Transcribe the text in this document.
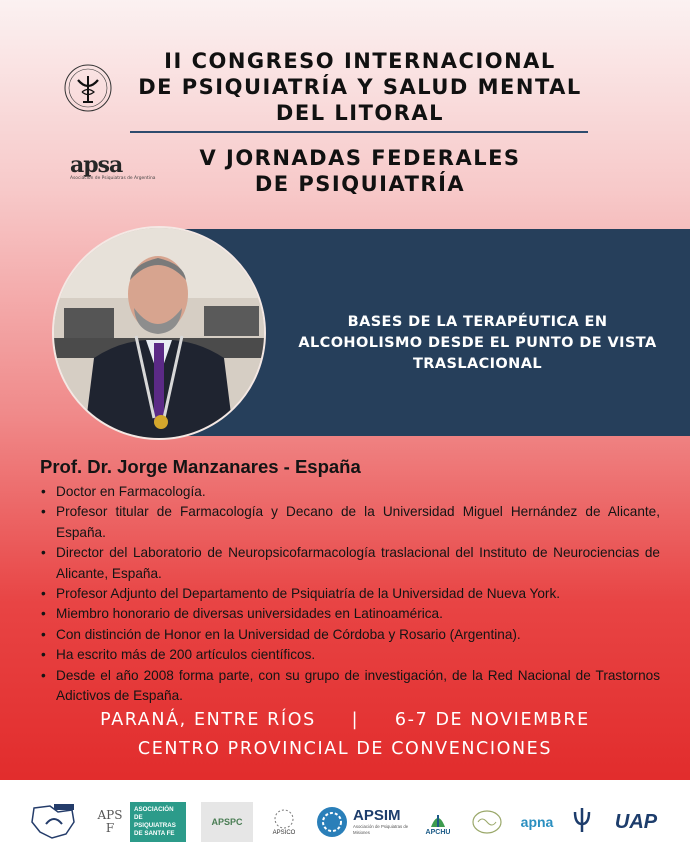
apsa
Asociación de Psiquiatras de Argentina
II CONGRESO INTERNACIONAL
DE PSIQUIATRÍA Y SALUD MENTAL
DEL LITORAL
V JORNADAS FEDERALES
DE PSIQUIATRÍA
BASES DE LA TERAPÉUTICA EN
ALCOHOLISMO DESDE EL PUNTO DE VISTA
TRASLACIONAL
Prof. Dr. Jorge Manzanares - España
• Doctor en Farmacología.
• Profesor titular de Farmacología y Decano de la Universidad Miguel Hernández de Alicante, España.
• Director del Laboratorio de Neuropsicofarmacología traslacional del Instituto de Neurociencias de Alicante, España.
• Profesor Adjunto del Departamento de Psiquiatría de la Universidad de Nueva York.
• Miembro honorario de diversas universidades en Latinoamérica.
• Con distinción de Honor en la Universidad de Córdoba y Rosario (Argentina).
• Ha escrito más de 200 artículos científicos.
• Desde el año 2008 forma parte, con su grupo de investigación, de la Red Nacional de Trastornos Adictivos de España.
PARANÁ, ENTRE RÍOS     |     6-7 DE NOVIEMBRE
CENTRO PROVINCIAL DE CONVENCIONES
APSF
ASOCIACIÓN DE PSIQUIATRAS DE SANTA FE
APSPC
APSICO
APSIM
Asociación de Psiquiatras de Misiones	APCHU
apna	UAP
